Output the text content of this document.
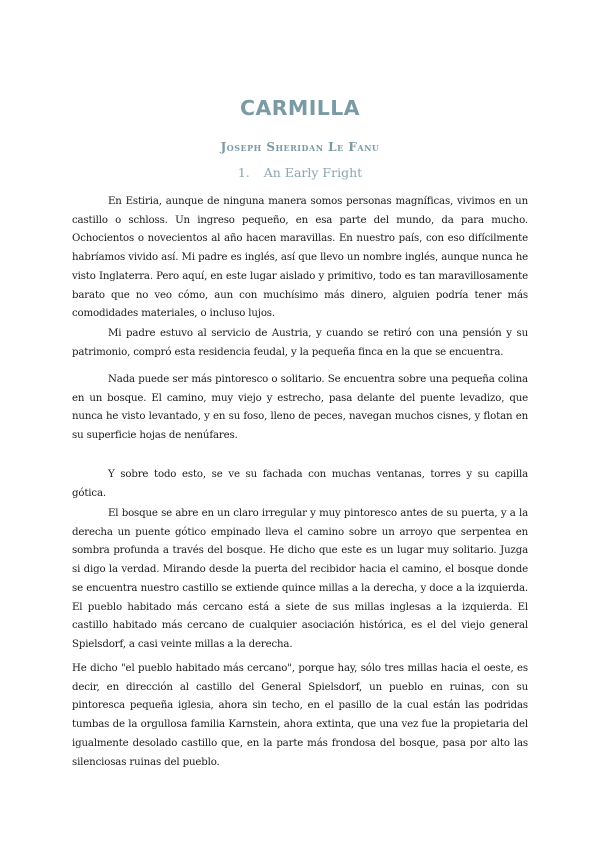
CARMILLA
Joseph Sheridan Le Fanu
1. An Early Fright

En Estiria, aunque de ninguna manera somos personas magníficas, vivimos en un castillo o schloss. Un ingreso pequeño, en esa parte del mundo, da para mucho. Ochocientos o novecientos al año hacen maravillas. En nuestro país, con eso difícilmente habríamos vivido así. Mi padre es inglés, así que llevo un nombre inglés, aunque nunca he visto Inglaterra. Pero aquí, en este lugar aislado y primitivo, todo es tan maravillosamente barato que no veo cómo, aun con muchísimo más dinero, alguien podría tener más comodidades materiales, o incluso lujos.

Mi padre estuvo al servicio de Austria, y cuando se retiró con una pensión y su patrimonio, compró esta residencia feudal, y la pequeña finca en la que se encuentra.

Nada puede ser más pintoresco o solitario. Se encuentra sobre una pequeña colina en un bosque. El camino, muy viejo y estrecho, pasa delante del puente levadizo, que nunca he visto levantado, y en su foso, lleno de peces, navegan muchos cisnes, y flotan en su superficie hojas de nenúfares.

Y sobre todo esto, se ve su fachada con muchas ventanas, torres y su capilla gótica.

El bosque se abre en un claro irregular y muy pintoresco antes de su puerta, y a la derecha un puente gótico empinado lleva el camino sobre un arroyo que serpentea en sombra profunda a través del bosque. He dicho que este es un lugar muy solitario. Juzga si digo la verdad. Mirando desde la puerta del recibidor hacia el camino, el bosque donde se encuentra nuestro castillo se extiende quince millas a la derecha, y doce a la izquierda. El pueblo habitado más cercano está a siete de sus millas inglesas a la izquierda. El castillo habitado más cercano de cualquier asociación histórica, es el del viejo general Spielsdorf, a casi veinte millas a la derecha.

He dicho "el pueblo habitado más cercano", porque hay, sólo tres millas hacia el oeste, es decir, en dirección al castillo del General Spielsdorf, un pueblo en ruinas, con su pintoresca pequeña iglesia, ahora sin techo, en el pasillo de la cual están las podridas tumbas de la orgullosa familia Karnstein, ahora extinta, que una vez fue la propietaria del igualmente desolado castillo que, en la parte más frondosa del bosque, pasa por alto las silenciosas ruinas del pueblo.
